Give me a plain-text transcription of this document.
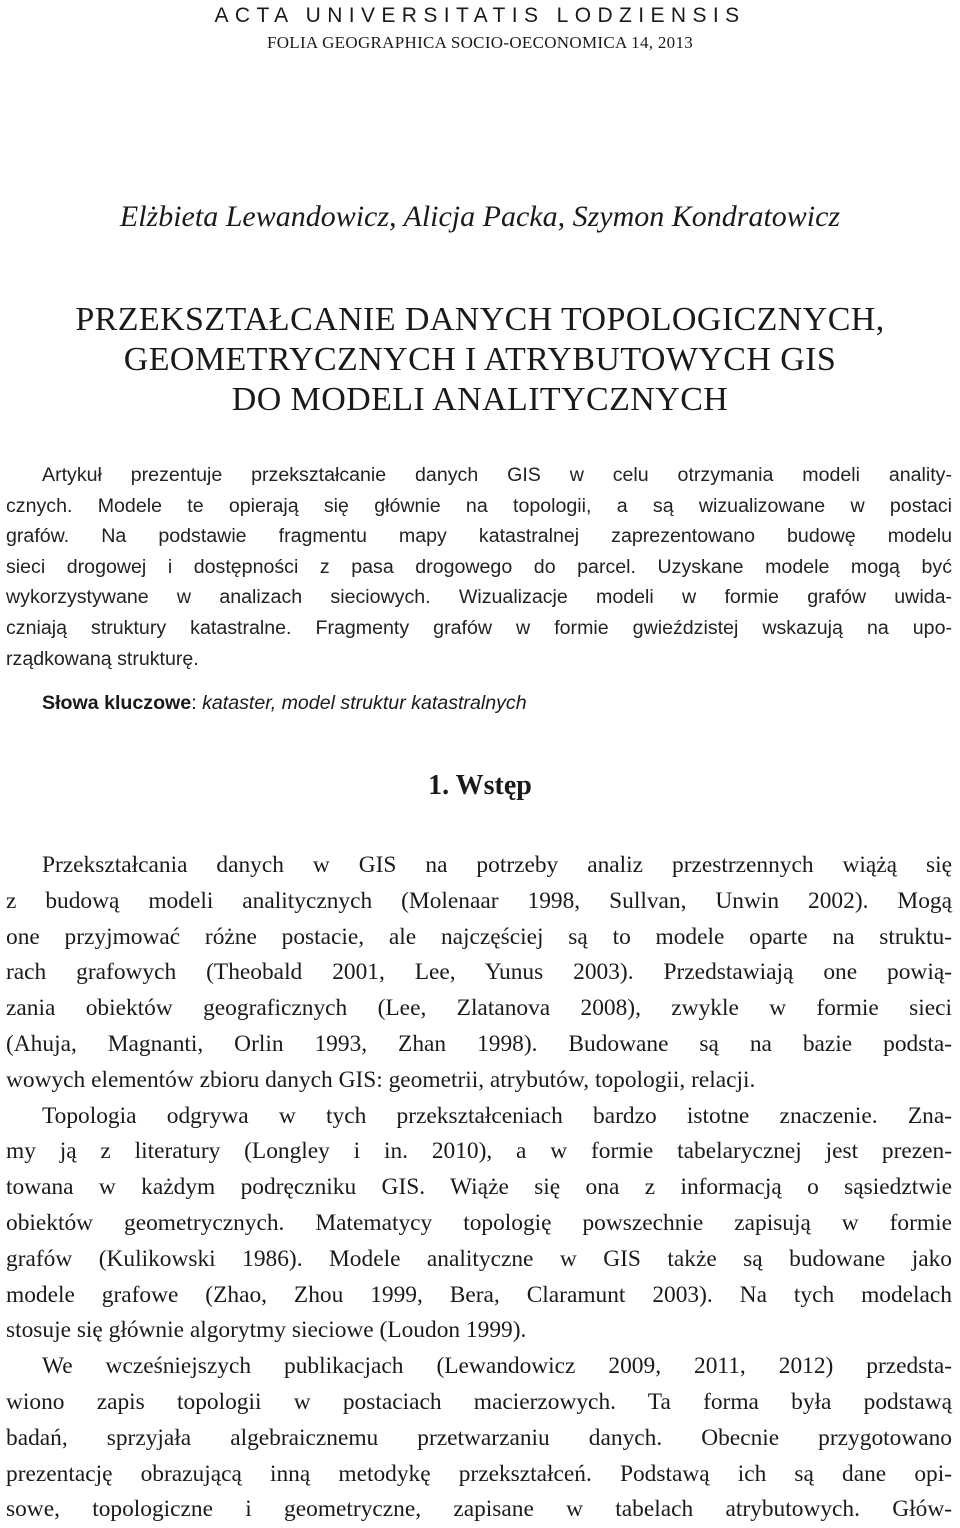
ACTA UNIVERSITATIS LODZIENSIS
FOLIA GEOGRAPHICA SOCIO-OECONOMICA 14, 2013
Elżbieta Lewandowicz, Alicja Packa, Szymon Kondratowicz
PRZEKSZTAŁCANIE DANYCH TOPOLOGICZNYCH,
GEOMETRYCZNYCH I ATRYBUTOWYCH GIS
DO MODELI ANALITYCZNYCH
Artykuł prezentuje przekształcanie danych GIS w celu otrzymania modeli anality-
cznych. Modele te opierają się głównie na topologii, a są wizualizowane w postaci
grafów. Na podstawie fragmentu mapy katastralnej zaprezentowano budowę modelu
sieci drogowej i dostępności z pasa drogowego do parcel. Uzyskane modele mogą być
wykorzystywane w analizach sieciowych. Wizualizacje modeli w formie grafów uwida-
czniają struktury katastralne. Fragmenty grafów w formie gwieździstej wskazują na upo-
rządkowaną strukturę.
Słowa kluczowe: kataster, model struktur katastralnych
1. Wstęp
Przekształcania danych w GIS na potrzeby analiz przestrzennych wiążą się
z budową modeli analitycznych (Molenaar 1998, Sullvan, Unwin 2002). Mogą
one przyjmować różne postacie, ale najczęściej są to modele oparte na struktu-
rach grafowych (Theobald 2001, Lee, Yunus 2003). Przedstawiają one powią-
zania obiektów geograficznych (Lee, Zlatanova 2008), zwykle w formie sieci
(Ahuja, Magnanti, Orlin 1993, Zhan 1998). Budowane są na bazie podsta-
wowych elementów zbioru danych GIS: geometrii, atrybutów, topologii, relacji.
Topologia odgrywa w tych przekształceniach bardzo istotne znaczenie. Zna-
my ją z literatury (Longley i in. 2010), a w formie tabelarycznej jest prezen-
towana w każdym podręczniku GIS. Wiąże się ona z informacją o sąsiedztwie
obiektów geometrycznych. Matematycy topologię powszechnie zapisują w formie
grafów (Kulikowski 1986). Modele analityczne w GIS także są budowane jako
modele grafowe (Zhao, Zhou 1999, Bera, Claramunt 2003). Na tych modelach
stosuje się głównie algorytmy sieciowe (Loudon 1999).
We wcześniejszych publikacjach (Lewandowicz 2009, 2011, 2012) przedsta-
wiono zapis topologii w postaciach macierzowych. Ta forma była podstawą
badań, sprzyjała algebraicznemu przetwarzaniu danych. Obecnie przygotowano
prezentację obrazującą inną metodykę przekształceń. Podstawą ich są dane opi-
sowe, topologiczne i geometryczne, zapisane w tabelach atrybutowych. Głów-
